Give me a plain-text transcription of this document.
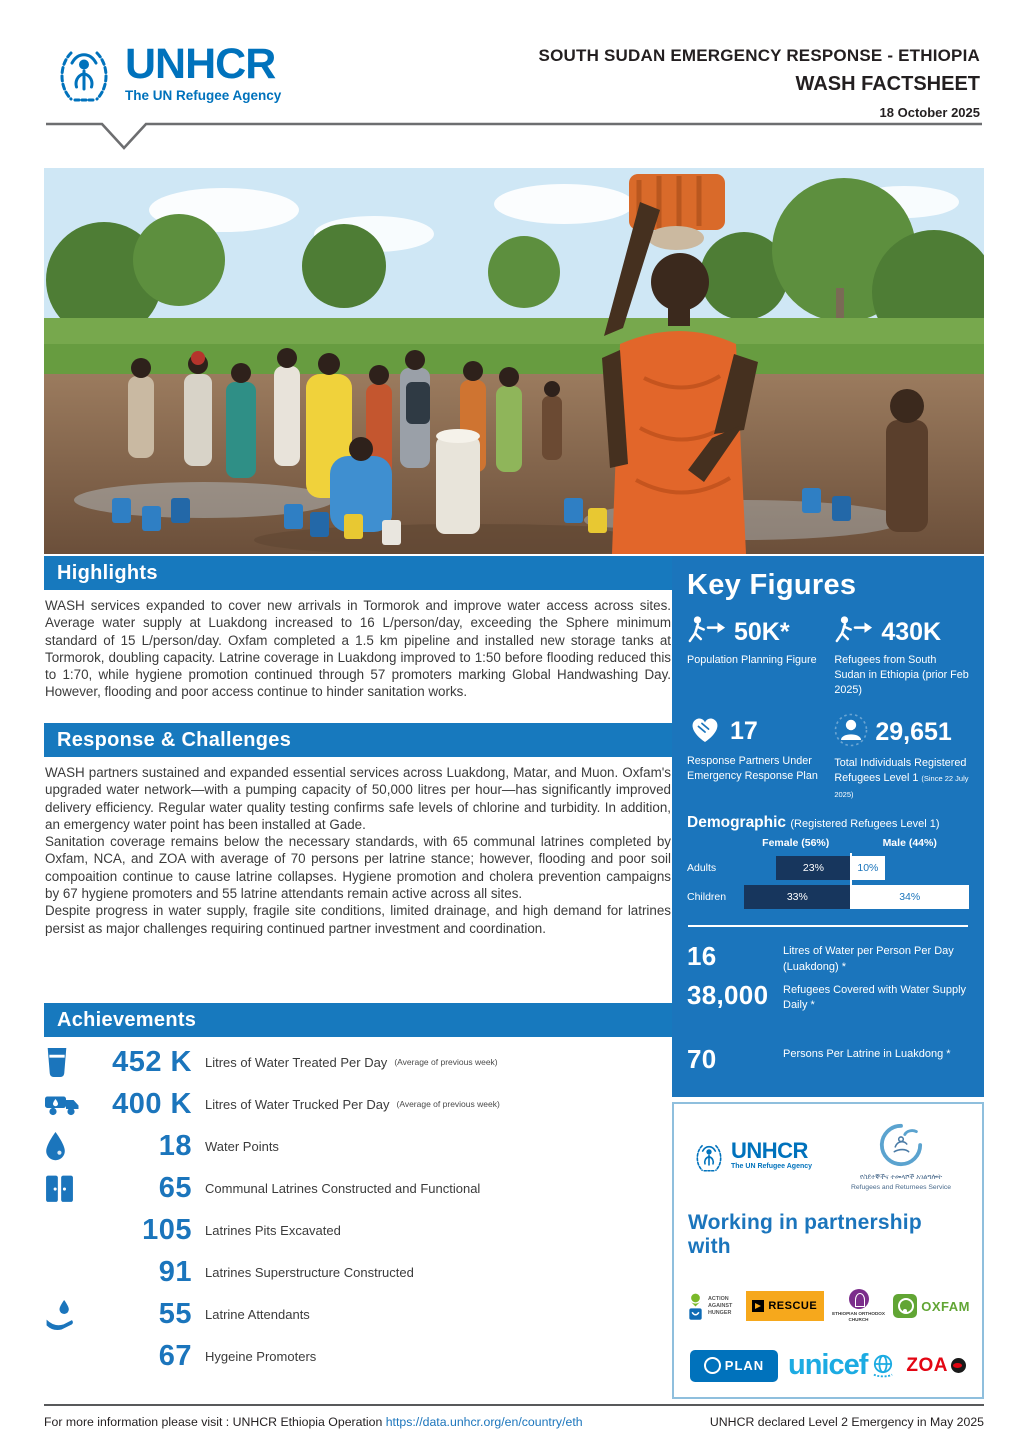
UNHCR
The UN Refugee Agency
SOUTH SUDAN EMERGENCY RESPONSE - ETHIOPIA
WASH FACTSHEET
18 October 2025
Highlights
WASH services expanded to cover new arrivals in Tormorok and improve water access across sites. Average water supply at Luakdong increased to 16 L/person/day, exceeding the Sphere minimum standard of 15 L/person/day. Oxfam completed a 1.5 km pipeline and installed new storage tanks at Tormorok, doubling capacity. Latrine coverage in Luakdong improved to 1:50 before flooding reduced this to 1:70, while hygiene promotion continued through 57 promoters marking Global Handwashing Day. However, flooding and poor access continue to hinder sanitation works.
Response & Challenges

WASH partners sustained and expanded essential services across Luakdong, Matar, and Muon. Oxfam's upgraded water network—with a pumping capacity of 50,000 litres per hour—has significantly improved delivery efficiency. Regular water quality testing confirms safe levels of chlorine and turbidity. In addition, an emergency water point has been installed at Gade.

Sanitation coverage remains below the necessary standards, with 65 communal latrines completed by Oxfam, NCA, and ZOA with average of 70 persons per latrine stance; however, flooding and poor soil compoaition continue to cause latrine collapses. Hygiene promotion and cholera prevention campaigns by 67 hygiene promoters and 55 latrine attendants remain active across all sites.

Despite progress in water supply, fragile site conditions, limited drainage, and high demand for latrines persist as major challenges requiring continued partner investment and coordination.

Achievements
452 K Litres of Water Treated Per Day (Average of previous week)
400 K Litres of Water Trucked Per Day (Average of previous week)
18 Water Points
65 Communal Latrines Constructed and Functional
105 Latrines Pits Excavated
91 Latrines Superstructure Constructed
55 Latrine Attendants
67 Hygeine Promoters
Key Figures
50K*
Population Planning Figure
430K
Refugees from South Sudan in Ethiopia (prior Feb 2025)
17
Response Partners Under Emergency Response Plan
29,651
Total Individuals Registered Refugees Level 1 (Since 22 July 2025)
Demographic (Registered Refugees Level 1)
Female (56%)	Male (44%)
Adults	23%	10%
Children	33%	34%
16	Litres of Water per Person Per Day (Luakdong) *
38,000	Refugees Covered with Water Supply Daily *
70	Persons Per Latrine in Luakdong *
UNHCR
The UN Refugee Agency
የስደተኞችና ተመላሾች አገልግሎት
Refugees and Returnees Service
Working in partnership with
ACTION AGAINST HUNGER
RESCUE
ETHIOPIAN ORTHODOX CHURCH
OXFAM
PLAN unicef ZOA
For more information please visit : UNHCR Ethiopia Operation https://data.unhcr.org/en/country/eth	UNHCR declared Level 2 Emergency in May 2025
